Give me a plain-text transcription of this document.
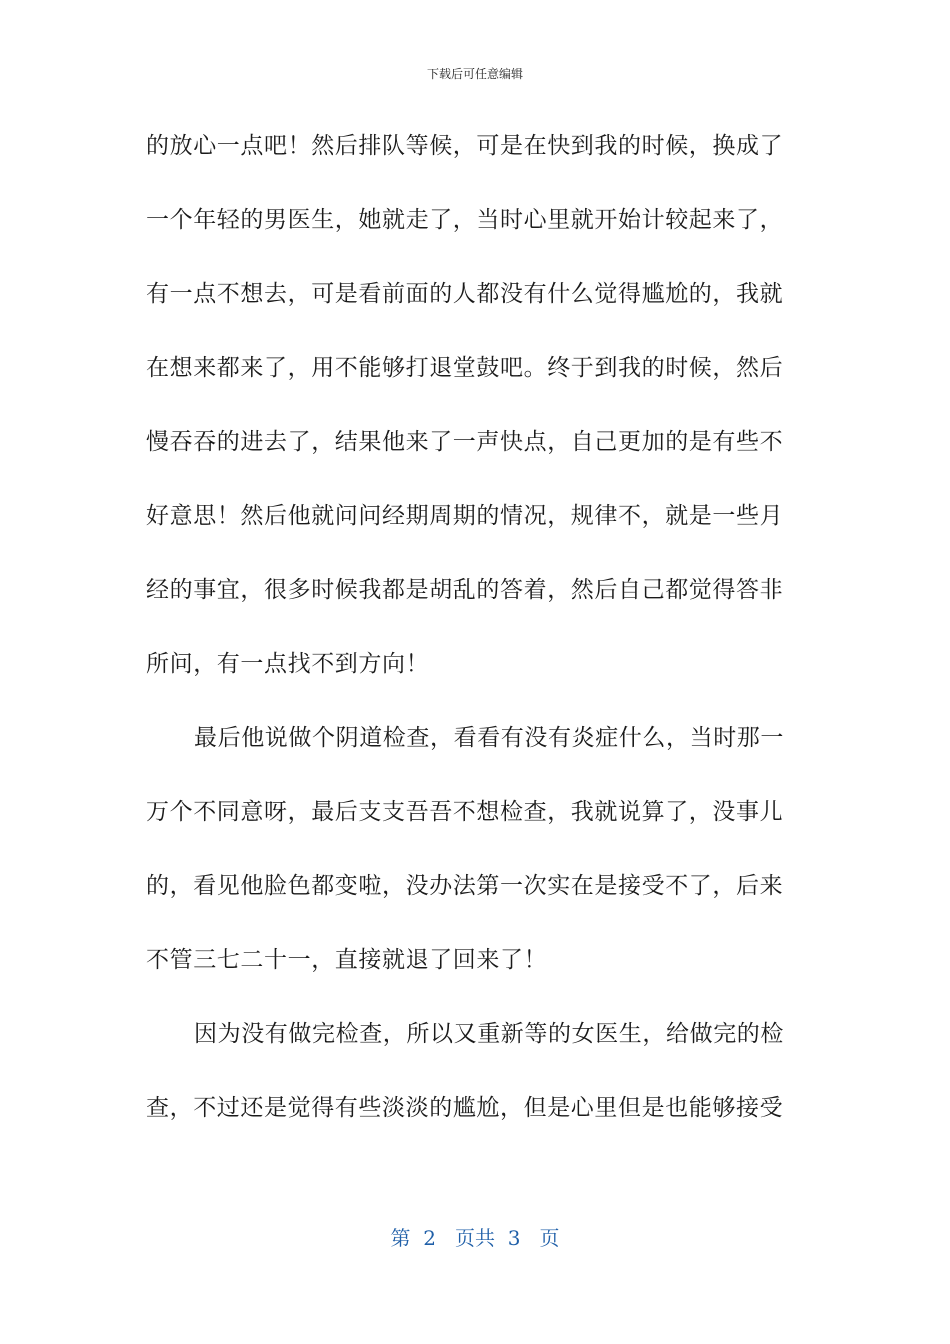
下载后可任意编辑
的放心一点吧！然后排队等候，可是在快到我的时候，换成了
一个年轻的男医生，她就走了，当时心里就开始计较起来了，
有一点不想去，可是看前面的人都没有什么觉得尴尬的，我就
在想来都来了，用不能够打退堂鼓吧。终于到我的时候，然后
慢吞吞的进去了，结果他来了一声快点，自己更加的是有些不
好意思！然后他就问问经期周期的情况，规律不，就是一些月
经的事宜，很多时候我都是胡乱的答着，然后自己都觉得答非
所问，有一点找不到方向！
最后他说做个阴道检查，看看有没有炎症什么，当时那一
万个不同意呀，最后支支吾吾不想检查，我就说算了，没事儿
的，看见他脸色都变啦，没办法第一次实在是接受不了，后来
不管三七二十一，直接就退了回来了！
因为没有做完检查，所以又重新等的女医生，给做完的检
查，不过还是觉得有些淡淡的尴尬，但是心里但是也能够接受
第  2   页共  3   页
